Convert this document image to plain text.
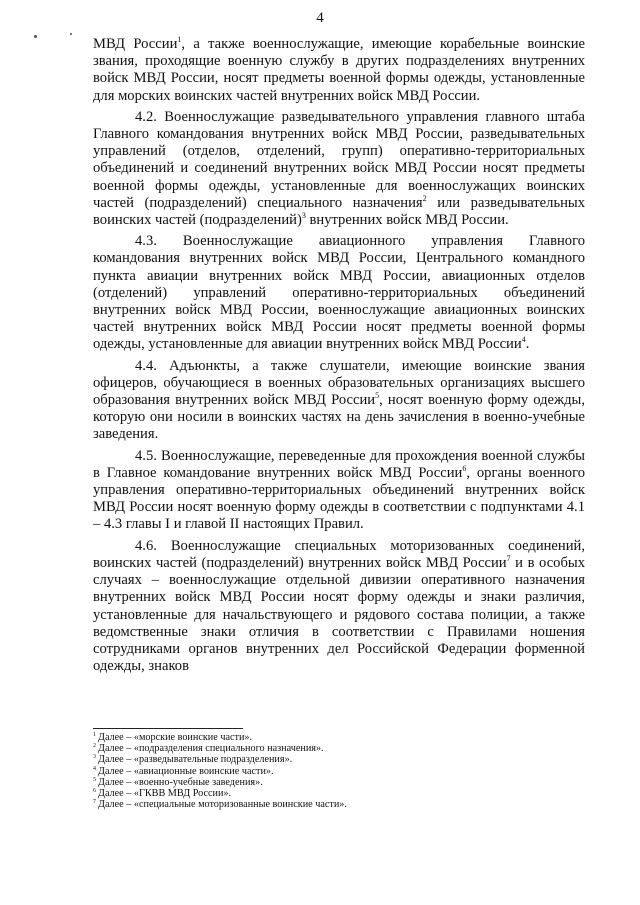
4

МВД России$^1$, а также военнослужащие, имеющие корабельные воинские звания, проходящие военную службу в других подразделениях внутренних войск МВД России, носят предметы военной формы одежды, установленные для морских воинских частей внутренних войск МВД России.

4.2. Военнослужащие разведывательного управления главного штаба Главного командования внутренних войск МВД России, разведывательных управлений (отделов, отделений, групп) оперативно-территориальных объединений и соединений внутренних войск МВД России носят предметы военной формы одежды, установленные для военнослужащих воинских частей (подразделений) специального назначения$^2$ или разведывательных воинских частей (подразделений)$^3$ внутренних войск МВД России.

4.3. Военнослужащие авиационного управления Главного командования внутренних войск МВД России, Центрального командного пункта авиации внутренних войск МВД России, авиационных отделов (отделений) управлений оперативно-территориальных объединений внутренних войск МВД России, военнослужащие авиационных воинских частей внутренних войск МВД России носят предметы военной формы одежды, установленные для авиации внутренних войск МВД России$^4$.

4.4. Адъюнкты, а также слушатели, имеющие воинские звания офицеров, обучающиеся в военных образовательных организациях высшего образования внутренних войск МВД России$^5$, носят военную форму одежды, которую они носили в воинских частях на день зачисления в военно-учебные заведения.

4.5. Военнослужащие, переведенные для прохождения военной службы в Главное командование внутренних войск МВД России$^6$, органы военного управления оперативно-территориальных объединений внутренних войск МВД России носят военную форму одежды в соответствии с подпунктами 4.1 – 4.3 главы I и главой II настоящих Правил.

4.6. Военнослужащие специальных моторизованных соединений, воинских частей (подразделений) внутренних войск МВД России$^7$ и в особых случаях – военнослужащие отдельной дивизии оперативного назначения внутренних войск МВД России носят форму одежды и знаки различия, установленные для начальствующего и рядового состава полиции, а также ведомственные знаки отличия в соответствии с Правилами ношения сотрудниками органов внутренних дел Российской Федерации форменной одежды, знаков

$^1$ Далее – «морские воинские части».
$^2$ Далее – «подразделения специального назначения».
$^3$ Далее – «разведывательные подразделения».
$^4$ Далее – «авиационные воинские части».
$^5$ Далее – «военно-учебные заведения».
$^6$ Далее – «ГКВВ МВД России».
$^7$ Далее – «специальные моторизованные воинские части».
